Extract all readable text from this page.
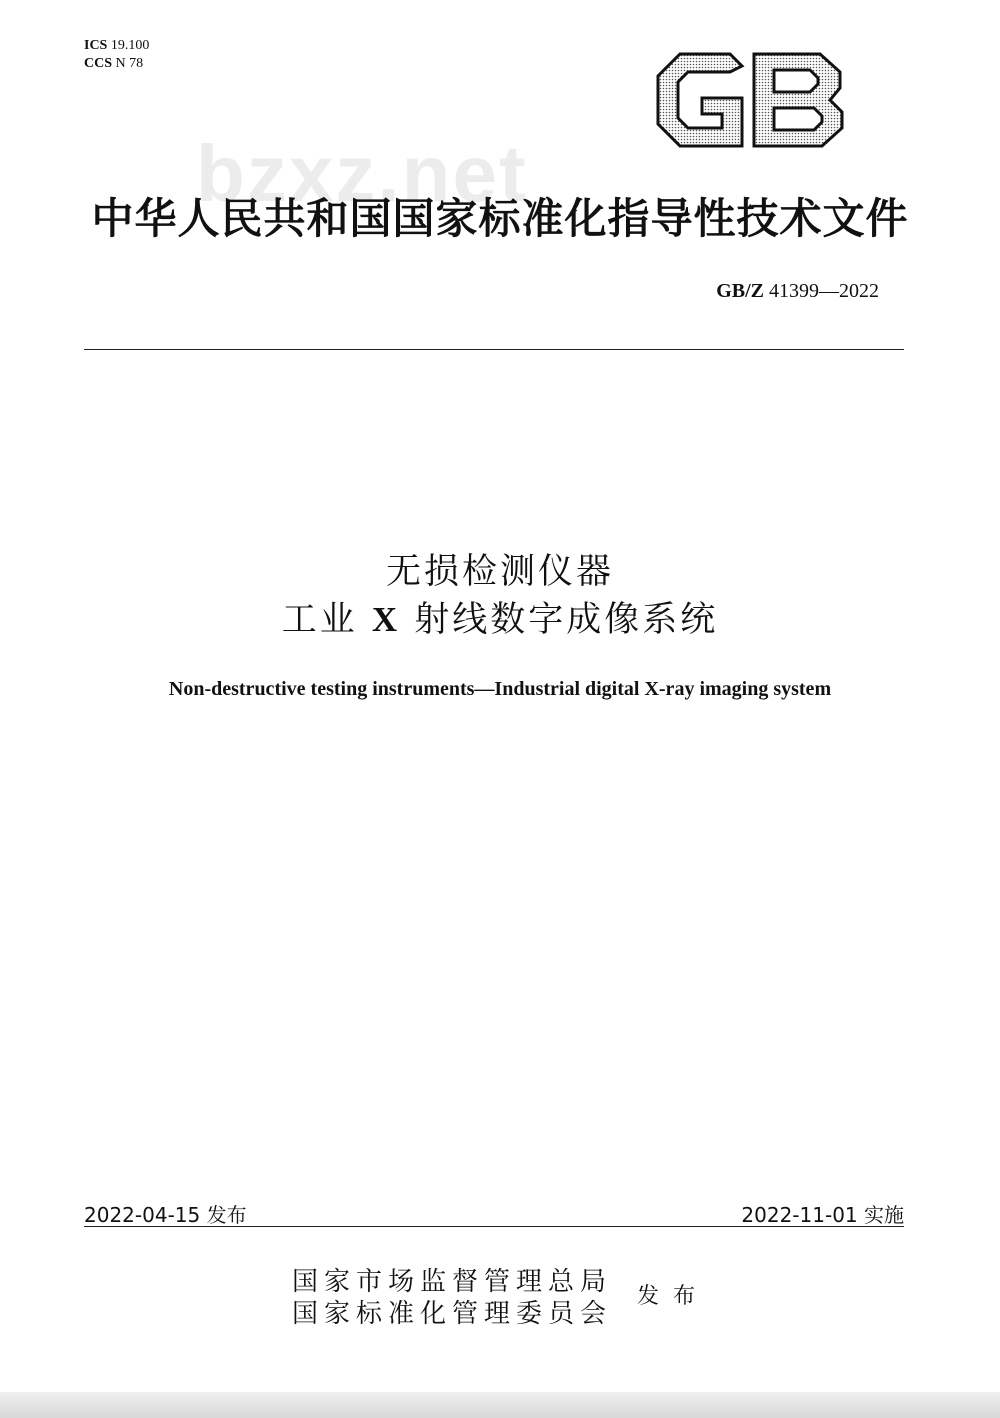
ICS 19.100
CCS N 78
bzxz.net
中华人民共和国国家标准化指导性技术文件
GB/Z 41399—2022
无损检测仪器
工业 X 射线数字成像系统
Non-destructive testing instruments—Industrial digital X-ray imaging system
2022-04-15 发布	2022-11-01 实施
国家市场监督管理总局
国家标准化管理委员会
发布
